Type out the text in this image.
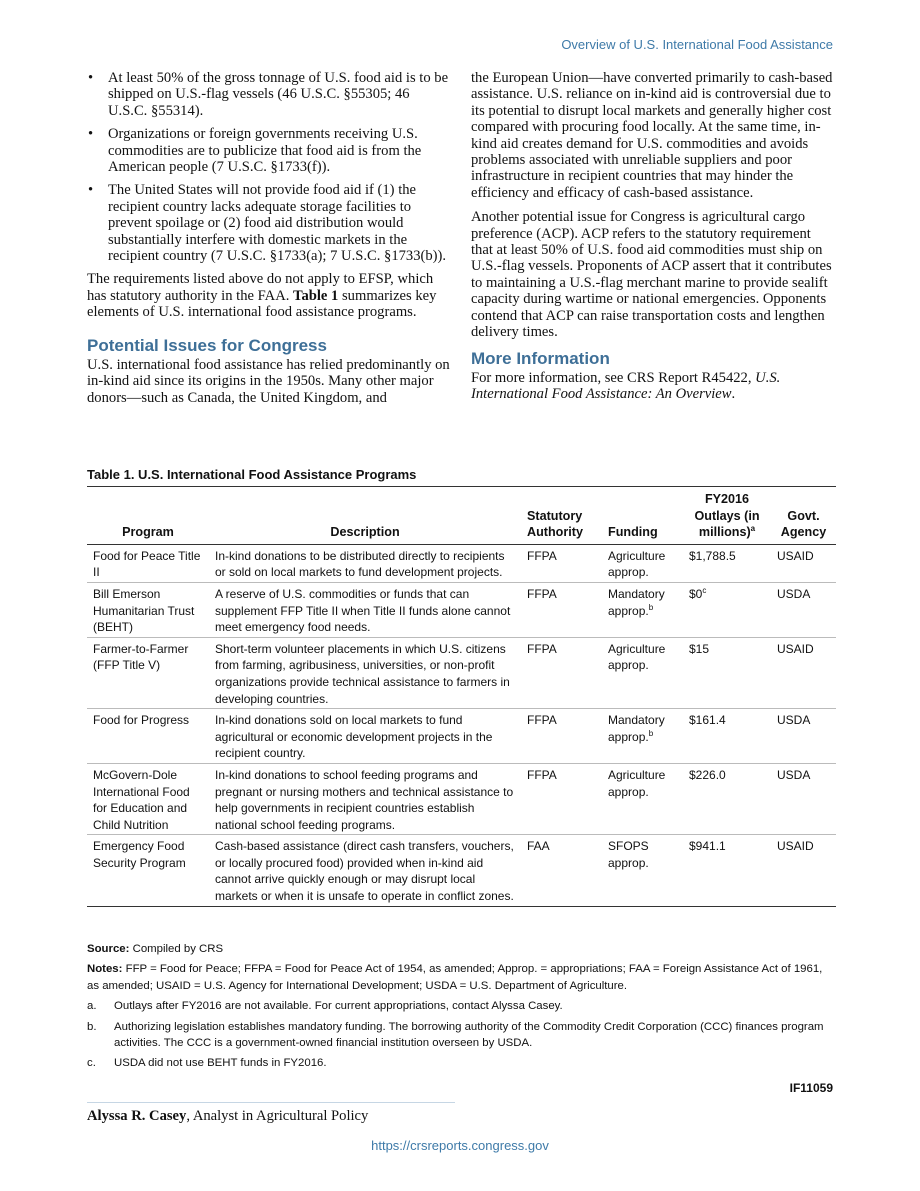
Overview of U.S. International Food Assistance
• At least 50% of the gross tonnage of U.S. food aid is to be shipped on U.S.-flag vessels (46 U.S.C. §55305; 46 U.S.C. §55314).
• Organizations or foreign governments receiving U.S. commodities are to publicize that food aid is from the American people (7 U.S.C. §1733(f)).
• The United States will not provide food aid if (1) the recipient country lacks adequate storage facilities to prevent spoilage or (2) food aid distribution would substantially interfere with domestic markets in the recipient country (7 U.S.C. §1733(a); 7 U.S.C. §1733(b)).

The requirements listed above do not apply to EFSP, which has statutory authority in the FAA. Table 1 summarizes key elements of U.S. international food assistance programs.

Potential Issues for Congress

U.S. international food assistance has relied predominantly on in-kind aid since its origins in the 1950s. Many other major donors—such as Canada, the United Kingdom, and

the European Union—have converted primarily to cash-based assistance. U.S. reliance on in-kind aid is controversial due to its potential to disrupt local markets and generally higher cost compared with procuring food locally. At the same time, in-kind aid creates demand for U.S. commodities and avoids problems associated with unreliable suppliers and poor infrastructure in recipient countries that may hinder the efficiency and efficacy of cash-based assistance.

Another potential issue for Congress is agricultural cargo preference (ACP). ACP refers to the statutory requirement that at least 50% of U.S. food aid commodities must ship on U.S.-flag vessels. Proponents of ACP assert that it contributes to maintaining a U.S.-flag merchant marine to provide sealift capacity during wartime or national emergencies. Opponents contend that ACP can raise transportation costs and lengthen delivery times.

More Information

For more information, see CRS Report R45422, U.S. International Food Assistance: An Overview.

Table 1. U.S. International Food Assistance Programs
Program	Description	Statutory Authority	Funding	FY2016 Outlays (in millions)$^a$	Govt. Agency
Food for Peace Title II	In-kind donations to be distributed directly to recipients or sold on local markets to fund development projects.	FFPA	Agriculture approp.	$1,788.5	USAID
Bill Emerson Humanitarian Trust (BEHT)	A reserve of U.S. commodities or funds that can supplement FFP Title II when Title II funds alone cannot meet emergency food needs.	FFPA	Mandatory approp.$^b$	$0$^c$	USDA
Farmer-to-Farmer (FFP Title V)	Short-term volunteer placements in which U.S. citizens from farming, agribusiness, universities, or non-profit organizations provide technical assistance to farmers in developing countries.	FFPA	Agriculture approp.	$15	USAID
Food for Progress	In-kind donations sold on local markets to fund agricultural or economic development projects in the recipient country.	FFPA	Mandatory approp.$^b$	$161.4	USDA
McGovern-Dole International Food for Education and Child Nutrition	In-kind donations to school feeding programs and pregnant or nursing mothers and technical assistance to help governments in recipient countries establish national school feeding programs.	FFPA	Agriculture approp.	$226.0	USDA
Emergency Food Security Program	Cash-based assistance (direct cash transfers, vouchers, or locally procured food) provided when in-kind aid cannot arrive quickly enough or may disrupt local markets or when it is unsafe to operate in conflict zones.	FAA	SFOPS approp.	$941.1	USAID
Source: Compiled by CRS
Notes: FFP = Food for Peace; FFPA = Food for Peace Act of 1954, as amended; Approp. = appropriations; FAA = Foreign Assistance Act of 1961, as amended; USAID = U.S. Agency for International Development; USDA = U.S. Department of Agriculture.
a.	Outlays after FY2016 are not available. For current appropriations, contact Alyssa Casey.
b.	Authorizing legislation establishes mandatory funding. The borrowing authority of the Commodity Credit Corporation (CCC) finances program activities. The CCC is a government-owned financial institution overseen by USDA.
c.	USDA did not use BEHT funds in FY2016.
IF11059
Alyssa R. Casey, Analyst in Agricultural Policy
https://crsreports.congress.gov
